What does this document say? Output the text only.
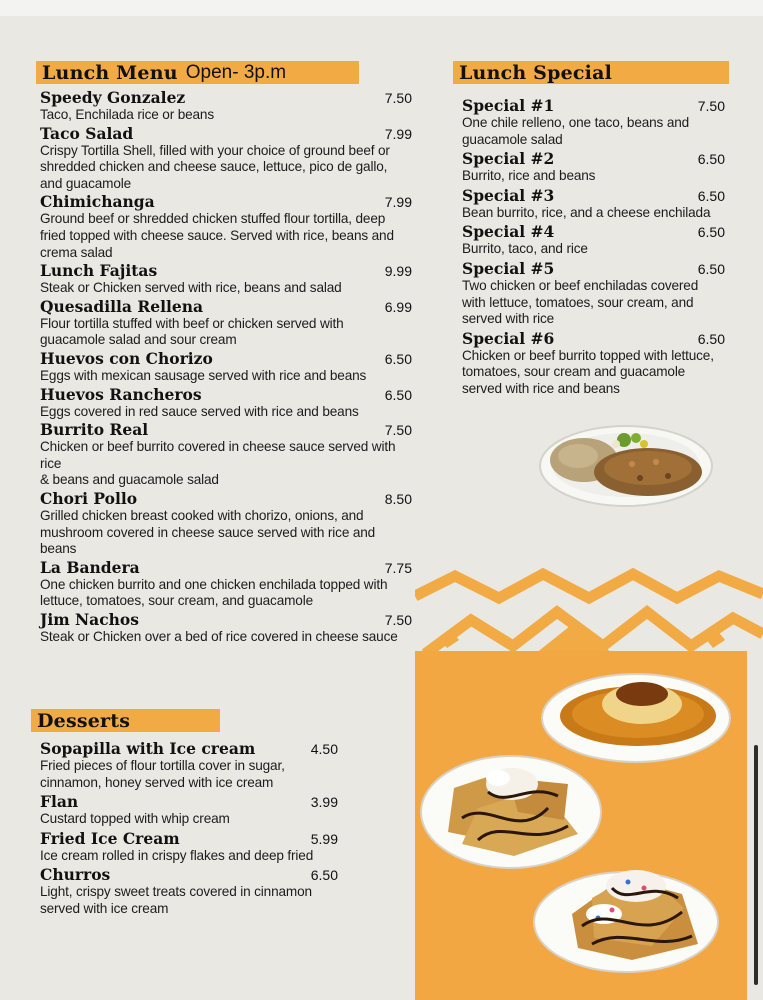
Lunch Menu Open- 3p.m
Speedy Gonzalez	7.50

Taco, Enchilada rice or beans

Taco Salad	7.99

Crispy Tortilla Shell, filled with your choice of ground beef or shredded chicken and cheese sauce, lettuce, pico de gallo, and guacamole

Chimichanga	7.99

Ground beef or shredded chicken stuffed flour tortilla, deep fried topped with cheese sauce. Served with rice, beans and crema salad

Lunch Fajitas	9.99

Steak or Chicken served with rice, beans and salad

Quesadilla Rellena	6.99

Flour tortilla stuffed with beef or chicken served with guacamole salad and sour cream

Huevos con Chorizo	6.50

Eggs with mexican sausage served with rice and beans

Huevos Rancheros	6.50

Eggs covered in red sauce served with rice and beans

Burrito Real	7.50

Chicken or beef burrito covered in cheese sauce served with rice
& beans and guacamole salad

Chori Pollo	8.50

Grilled chicken breast cooked with chorizo, onions, and mushroom covered in cheese sauce served with rice and beans

La Bandera	7.75

One chicken burrito and one chicken enchilada topped with lettuce, tomatoes, sour cream, and guacamole

Jim Nachos	7.50

Steak or Chicken over a bed of rice covered in cheese sauce

Lunch Special
Special #1	7.50

One chile relleno, one taco, beans and guacamole salad

Special #2	6.50

Burrito, rice and beans

Special #3	6.50

Bean burrito, rice, and a cheese enchilada

Special #4	6.50

Burrito, taco, and rice

Special #5	6.50

Two chicken or beef enchiladas covered with lettuce, tomatoes, sour cream, and served with rice

Special #6	6.50

Chicken or beef burrito topped with lettuce, tomatoes, sour cream and guacamole served with rice and beans

Desserts
Sopapilla with Ice cream	4.50

Fried pieces of flour tortilla cover in sugar, cinnamon, honey served with ice cream

Flan	3.99

Custard topped with whip cream

Fried Ice Cream	5.99

Ice cream rolled in crispy flakes and deep fried

Churros	6.50

Light, crispy sweet treats covered in cinnamon served with ice cream
